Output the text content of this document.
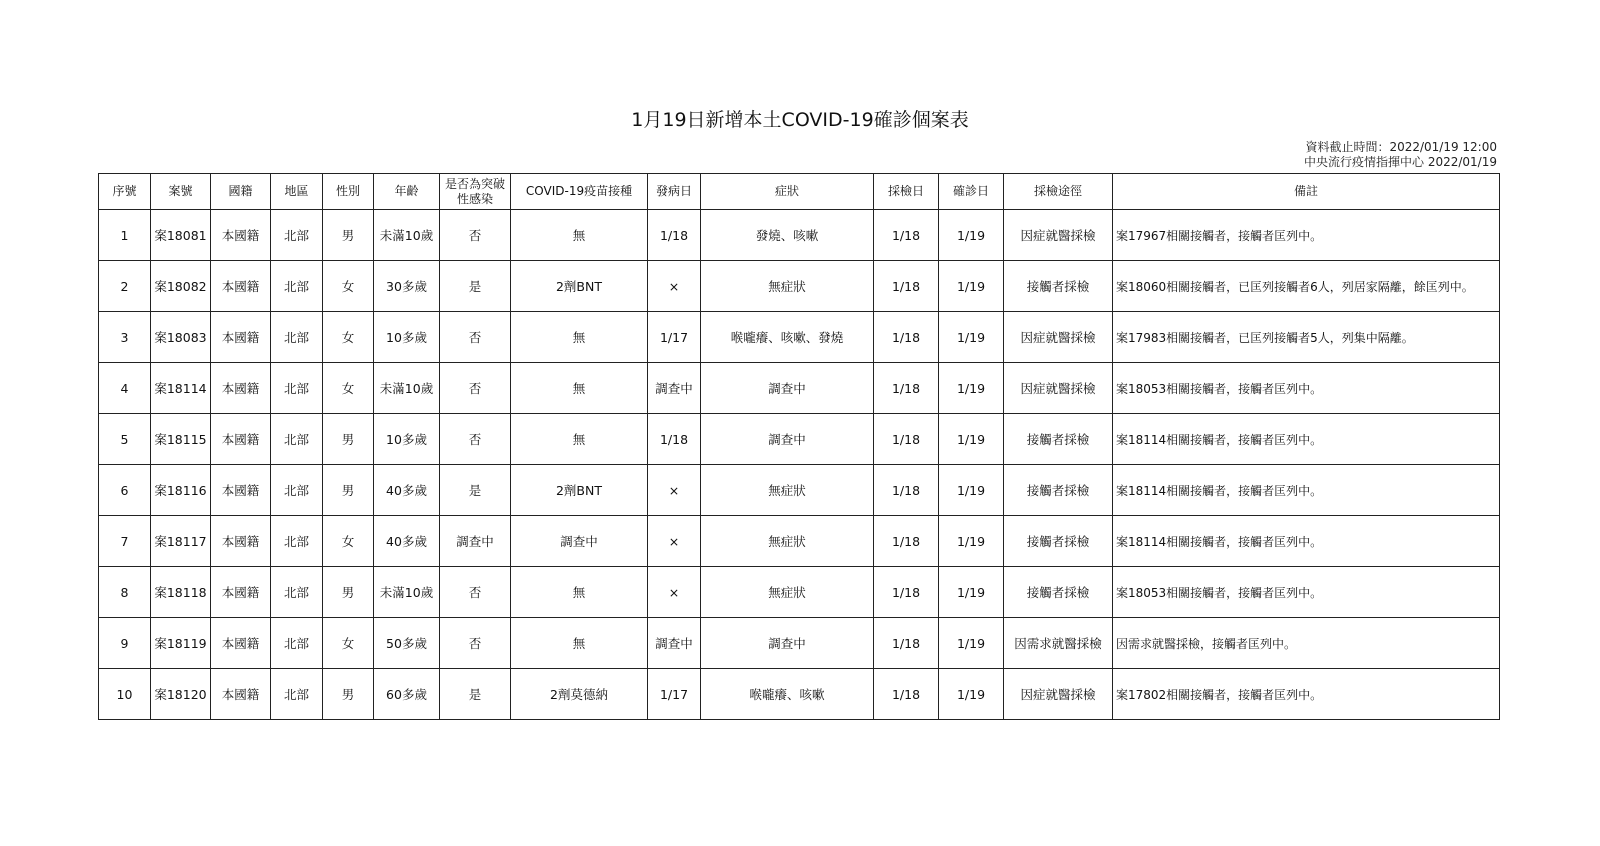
1月19日新增本土COVID-19確診個案表
資料截止時間：2022/01/19 12:00
中央流行疫情指揮中心 2022/01/19
序號	案號	國籍	地區	性別	年齡	是否為突破性感染	COVID-19疫苗接種	發病日	症狀	採檢日	確診日	採檢途徑	備註
1	案18081	本國籍	北部	男	未滿10歲	否	無	1/18	發燒、咳嗽	1/18	1/19	因症就醫採檢	案17967相關接觸者，接觸者匡列中。
2	案18082	本國籍	北部	女	30多歲	是	2劑BNT	×	無症狀	1/18	1/19	接觸者採檢	案18060相關接觸者，已匡列接觸者6人，列居家隔離，餘匡列中。
3	案18083	本國籍	北部	女	10多歲	否	無	1/17	喉嚨癢、咳嗽、發燒	1/18	1/19	因症就醫採檢	案17983相關接觸者，已匡列接觸者5人，列集中隔離。
4	案18114	本國籍	北部	女	未滿10歲	否	無	調查中	調查中	1/18	1/19	因症就醫採檢	案18053相關接觸者，接觸者匡列中。
5	案18115	本國籍	北部	男	10多歲	否	無	1/18	調查中	1/18	1/19	接觸者採檢	案18114相關接觸者，接觸者匡列中。
6	案18116	本國籍	北部	男	40多歲	是	2劑BNT	×	無症狀	1/18	1/19	接觸者採檢	案18114相關接觸者，接觸者匡列中。
7	案18117	本國籍	北部	女	40多歲	調查中	調查中	×	無症狀	1/18	1/19	接觸者採檢	案18114相關接觸者，接觸者匡列中。
8	案18118	本國籍	北部	男	未滿10歲	否	無	×	無症狀	1/18	1/19	接觸者採檢	案18053相關接觸者，接觸者匡列中。
9	案18119	本國籍	北部	女	50多歲	否	無	調查中	調查中	1/18	1/19	因需求就醫採檢	因需求就醫採檢，接觸者匡列中。
10	案18120	本國籍	北部	男	60多歲	是	2劑莫德納	1/17	喉嚨癢、咳嗽	1/18	1/19	因症就醫採檢	案17802相關接觸者，接觸者匡列中。
